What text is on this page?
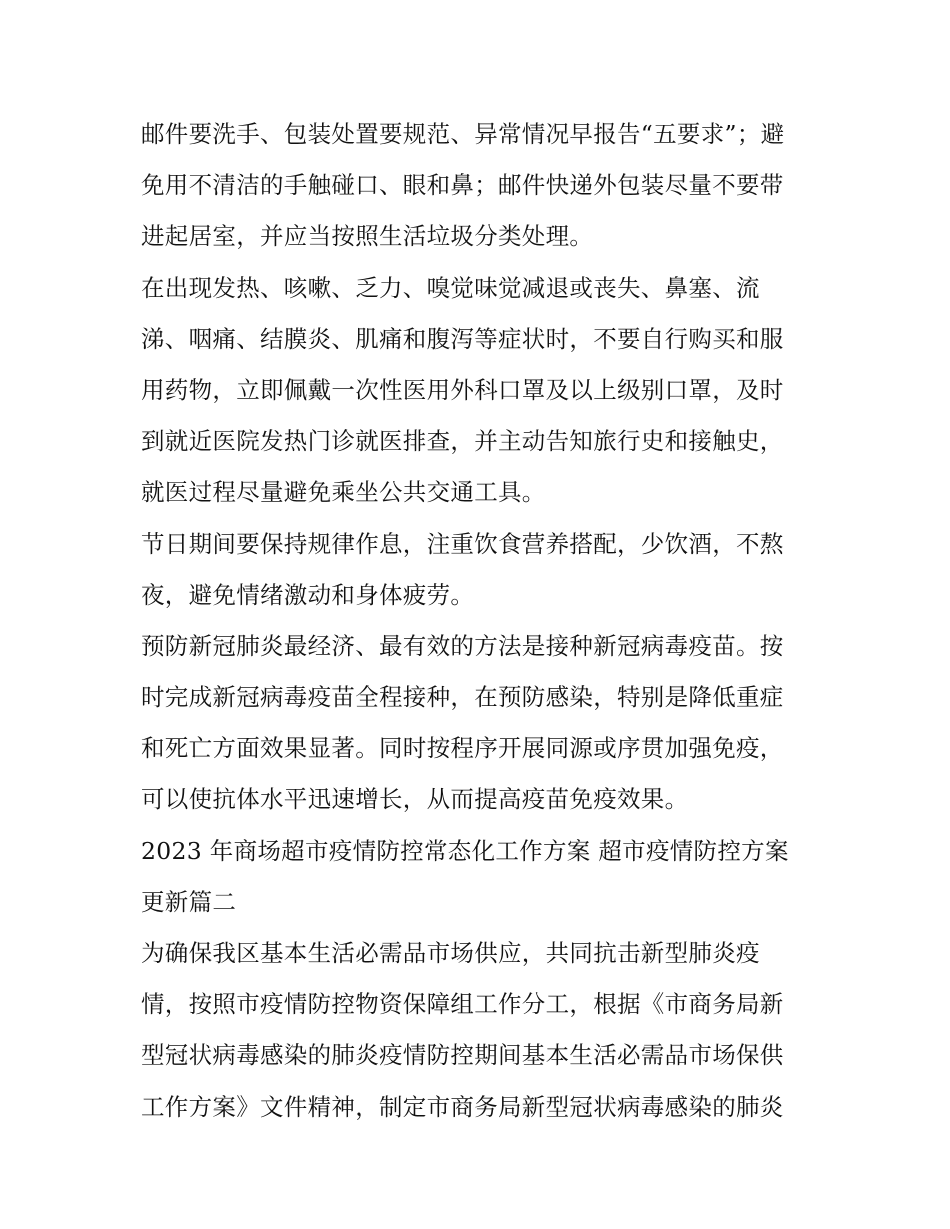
邮件要洗手、包装处置要规范、异常情况早报告“五要求”；避
免用不清洁的手触碰口、眼和鼻；邮件快递外包装尽量不要带
进起居室，并应当按照生活垃圾分类处理。
在出现发热、咳嗽、乏力、嗅觉味觉减退或丧失、鼻塞、流
涕、咽痛、结膜炎、肌痛和腹泻等症状时，不要自行购买和服
用药物，立即佩戴一次性医用外科口罩及以上级别口罩，及时
到就近医院发热门诊就医排查，并主动告知旅行史和接触史，
就医过程尽量避免乘坐公共交通工具。
节日期间要保持规律作息，注重饮食营养搭配，少饮酒，不熬
夜，避免情绪激动和身体疲劳。
预防新冠肺炎最经济、最有效的方法是接种新冠病毒疫苗。按
时完成新冠病毒疫苗全程接种，在预防感染，特别是降低重症
和死亡方面效果显著。同时按程序开展同源或序贯加强免疫，
可以使抗体水平迅速增长，从而提高疫苗免疫效果。
2023 年商场超市疫情防控常态化工作方案 超市疫情防控方案
更新篇二
为确保我区基本生活必需品市场供应，共同抗击新型肺炎疫
情，按照市疫情防控物资保障组工作分工，根据《市商务局新
型冠状病毒感染的肺炎疫情防控期间基本生活必需品市场保供
工作方案》文件精神，制定市商务局新型冠状病毒感染的肺炎
